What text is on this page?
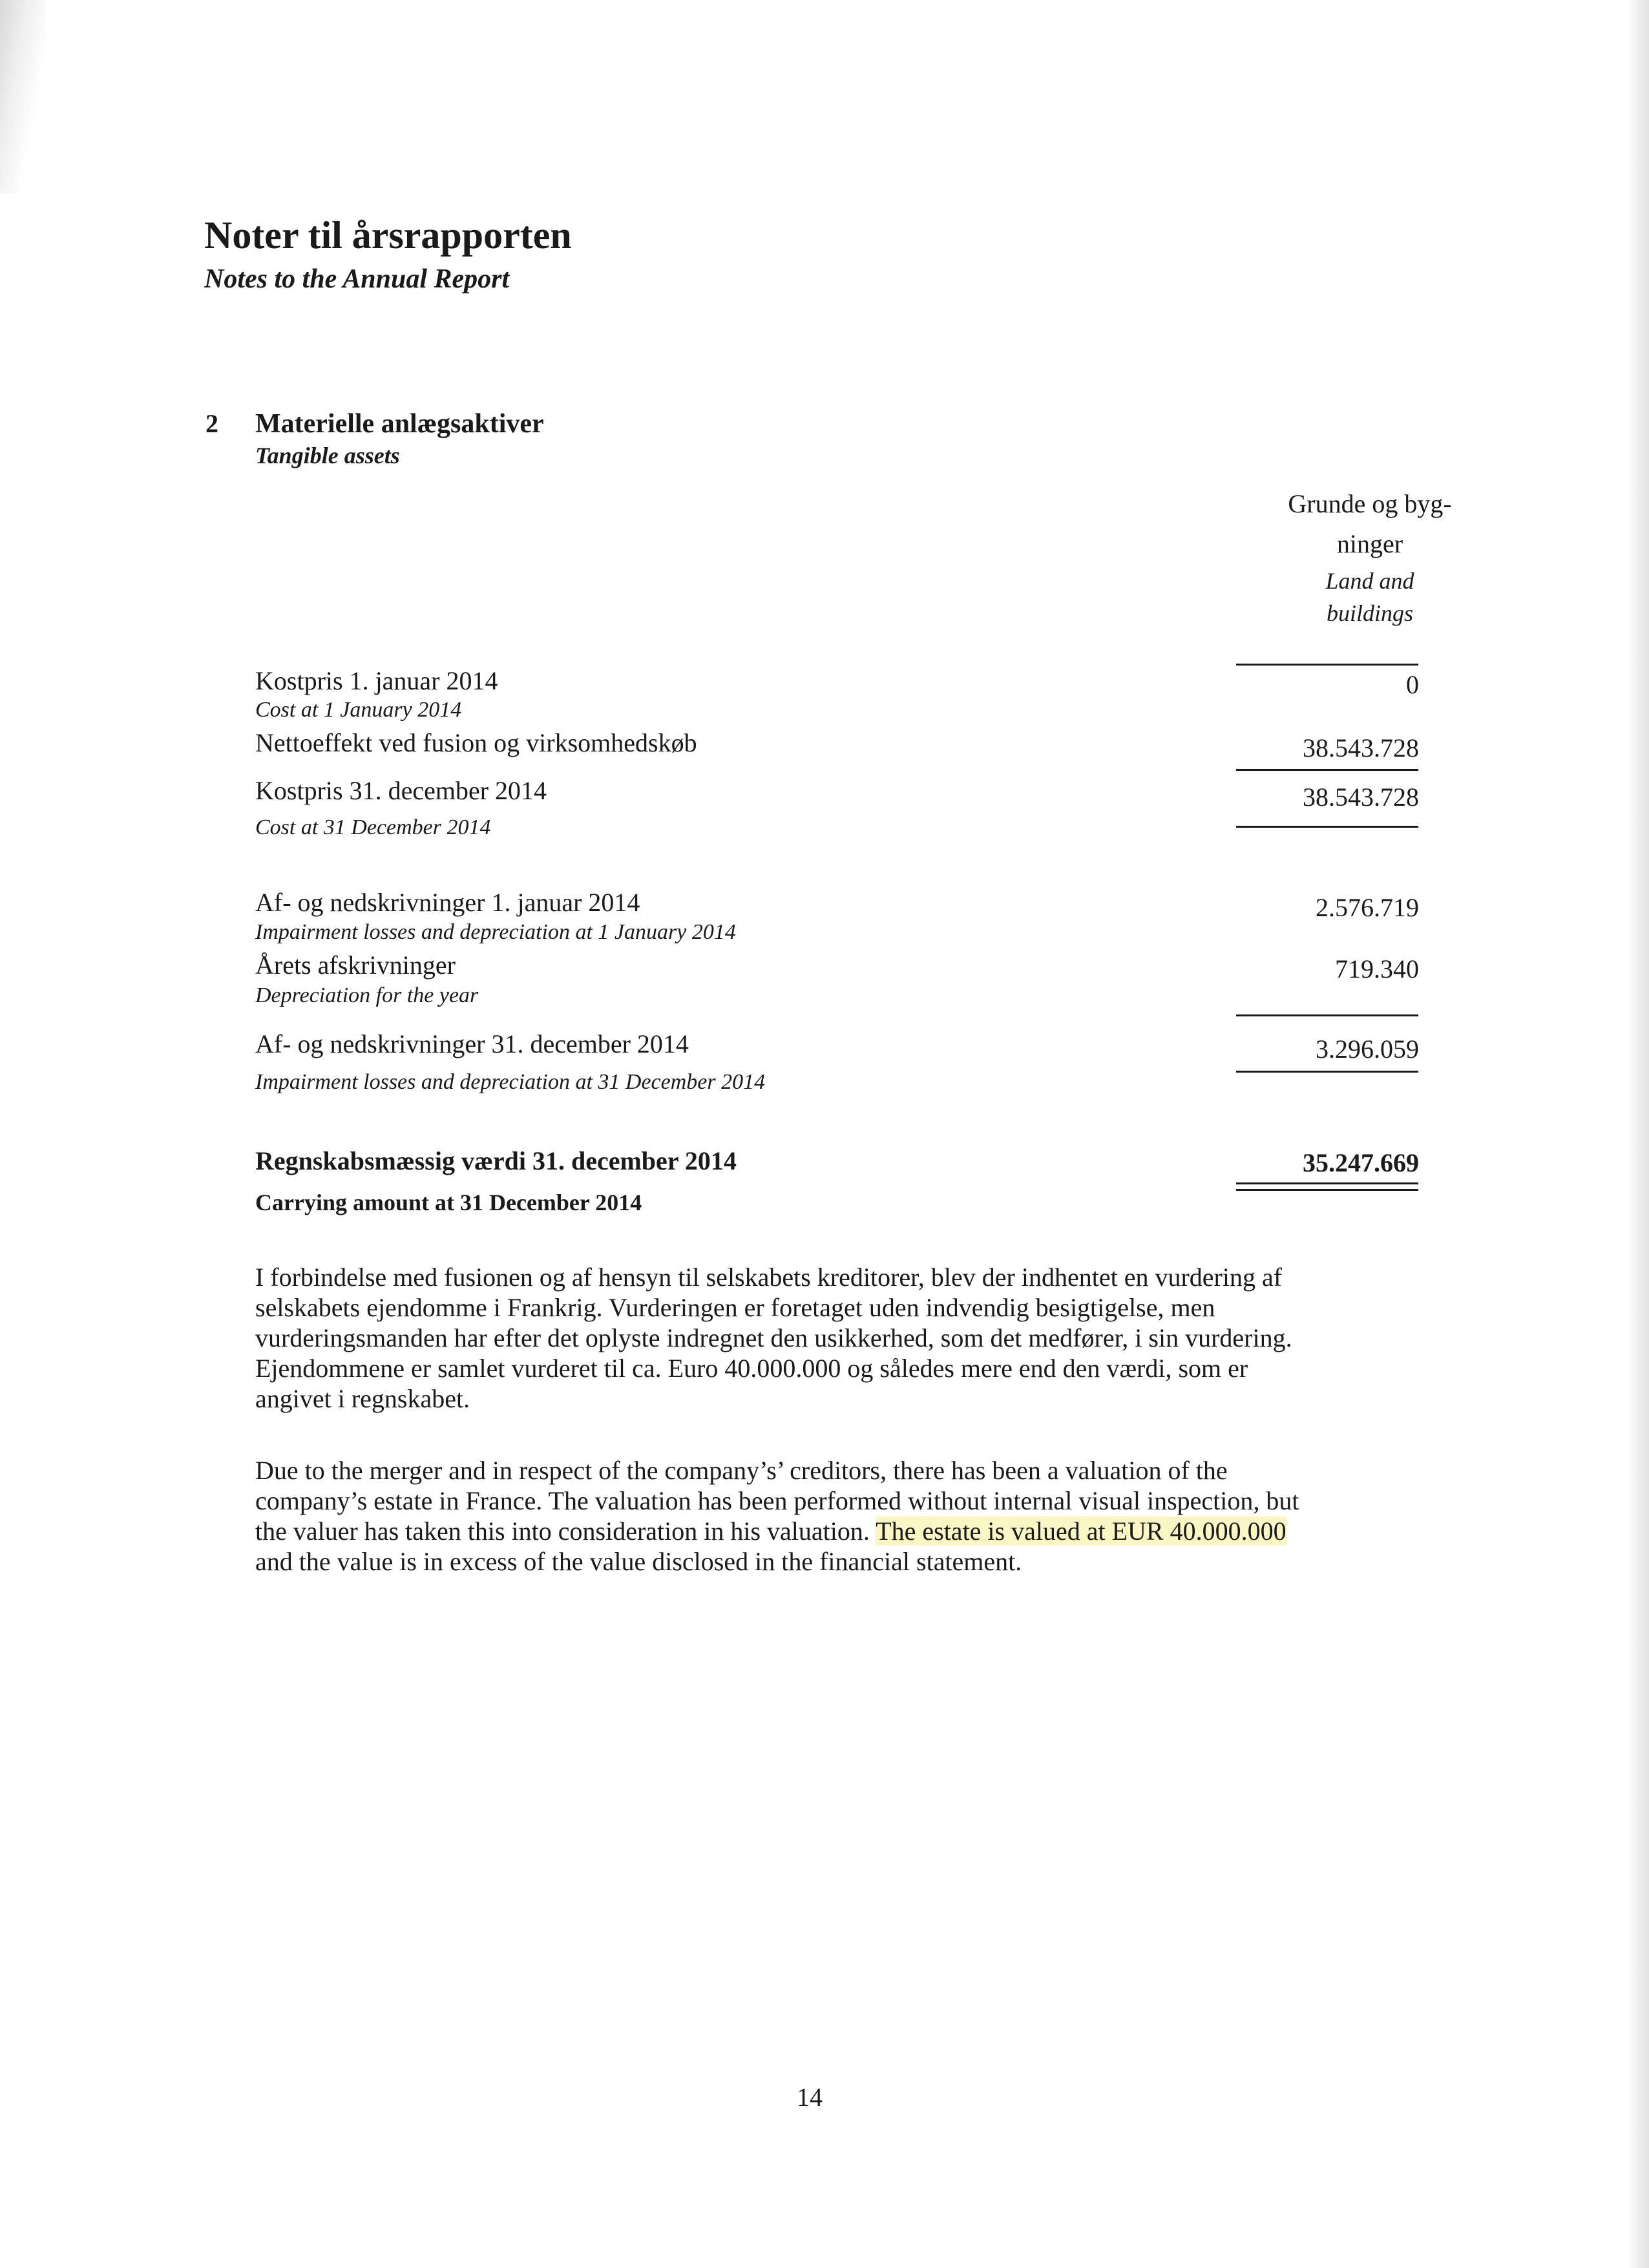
Noter til årsrapporten
Notes to the Annual Report
2 Materielle anlægsaktiver
Tangible assets
Grunde og byg-
ninger
Land and
buildings
Kostpris 1. januar 2014
Cost at 1 January 2014
0
Nettoeffekt ved fusion og virksomhedskøb	38.543.728
Kostpris 31. december 2014
Cost at 31 December 2014
38.543.728
Af- og nedskrivninger 1. januar 2014
Impairment losses and depreciation at 1 January 2014
2.576.719
Årets afskrivninger
Depreciation for the year
719.340
Af- og nedskrivninger 31. december 2014
Impairment losses and depreciation at 31 December 2014
3.296.059
Regnskabsmæssig værdi 31. december 2014
Carrying amount at 31 December 2014
35.247.669

I forbindelse med fusionen og af hensyn til selskabets kreditorer, blev der indhentet en vurdering af

selskabets ejendomme i Frankrig. Vurderingen er foretaget uden indvendig besigtigelse, men

vurderingsmanden har efter det oplyste indregnet den usikkerhed, som det medfører, i sin vurdering.

Ejendommene er samlet vurderet til ca. Euro 40.000.000 og således mere end den værdi, som er

angivet i regnskabet.

Due to the merger and in respect of the company’s’ creditors, there has been a valuation of the

company’s estate in France. The valuation has been performed without internal visual inspection, but

the valuer has taken this into consideration in his valuation. The estate is valued at EUR 40.000.000

and the value is in excess of the value disclosed in the financial statement.

14
